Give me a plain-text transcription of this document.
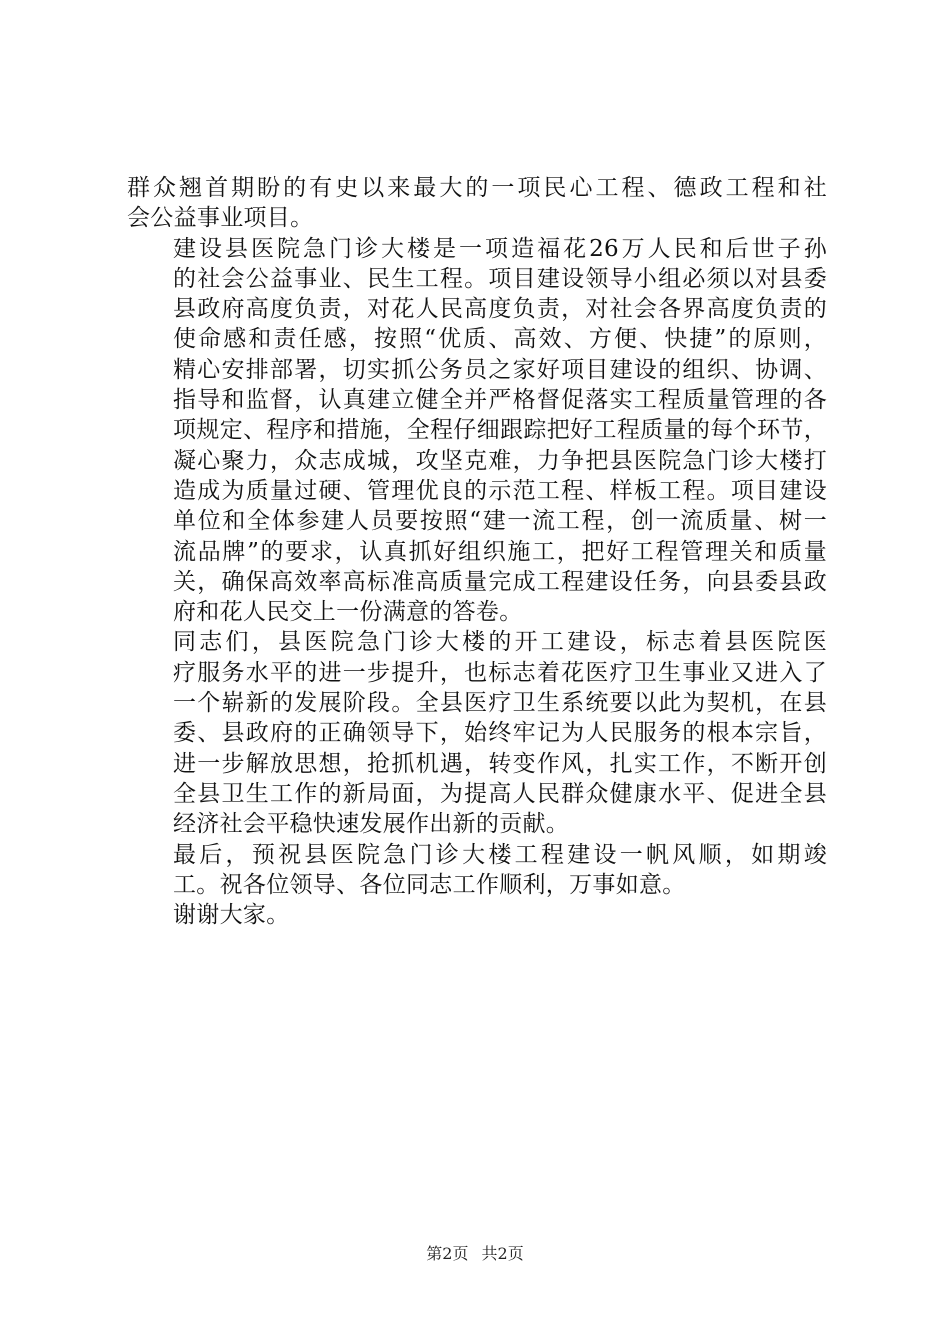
群众翘首期盼的有史以来最大的一项民心工程、德政工程和社
会公益事业项目。

建设县医院急门诊大楼是一项造福花26万人民和后世子孙
的社会公益事业、民生工程。项目建设领导小组必须以对县委
县政府高度负责，对花人民高度负责，对社会各界高度负责的
使命感和责任感，按照“优质、高效、方便、快捷”的原则，
精心安排部署，切实抓公务员之家好项目建设的组织、协调、
指导和监督，认真建立健全并严格督促落实工程质量管理的各
项规定、程序和措施，全程仔细跟踪把好工程质量的每个环节，
凝心聚力，众志成城，攻坚克难，力争把县医院急门诊大楼打
造成为质量过硬、管理优良的示范工程、样板工程。项目建设
单位和全体参建人员要按照“建一流工程，创一流质量、树一
流品牌”的要求，认真抓好组织施工，把好工程管理关和质量
关，确保高效率高标准高质量完成工程建设任务，向县委县政
府和花人民交上一份满意的答卷。

同志们，县医院急门诊大楼的开工建设，标志着县医院医
疗服务水平的进一步提升，也标志着花医疗卫生事业又进入了
一个崭新的发展阶段。全县医疗卫生系统要以此为契机，在县
委、县政府的正确领导下，始终牢记为人民服务的根本宗旨，
进一步解放思想，抢抓机遇，转变作风，扎实工作，不断开创
全县卫生工作的新局面，为提高人民群众健康水平、促进全县
经济社会平稳快速发展作出新的贡献。

最后，预祝县医院急门诊大楼工程建设一帆风顺，如期竣
工。祝各位领导、各位同志工作顺利，万事如意。

谢谢大家。

第2页 共2页
